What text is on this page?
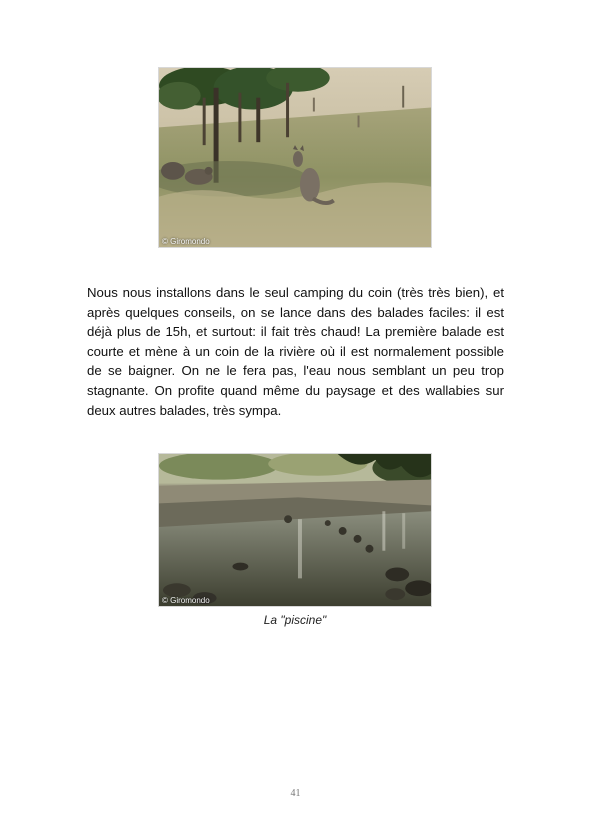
© Giromondo

Nous nous installons dans le seul camping du coin (très très bien), et après quelques conseils, on se lance dans des balades faciles: il est déjà plus de 15h, et surtout: il fait très chaud! La première balade est courte et mène à un coin de la rivière où il est normalement possible de se baigner. On ne le fera pas, l'eau nous semblant un peu trop stagnante. On profite quand même du paysage et des wallabies sur deux autres balades, très sympa.

© Giromondo
La "piscine"
41
